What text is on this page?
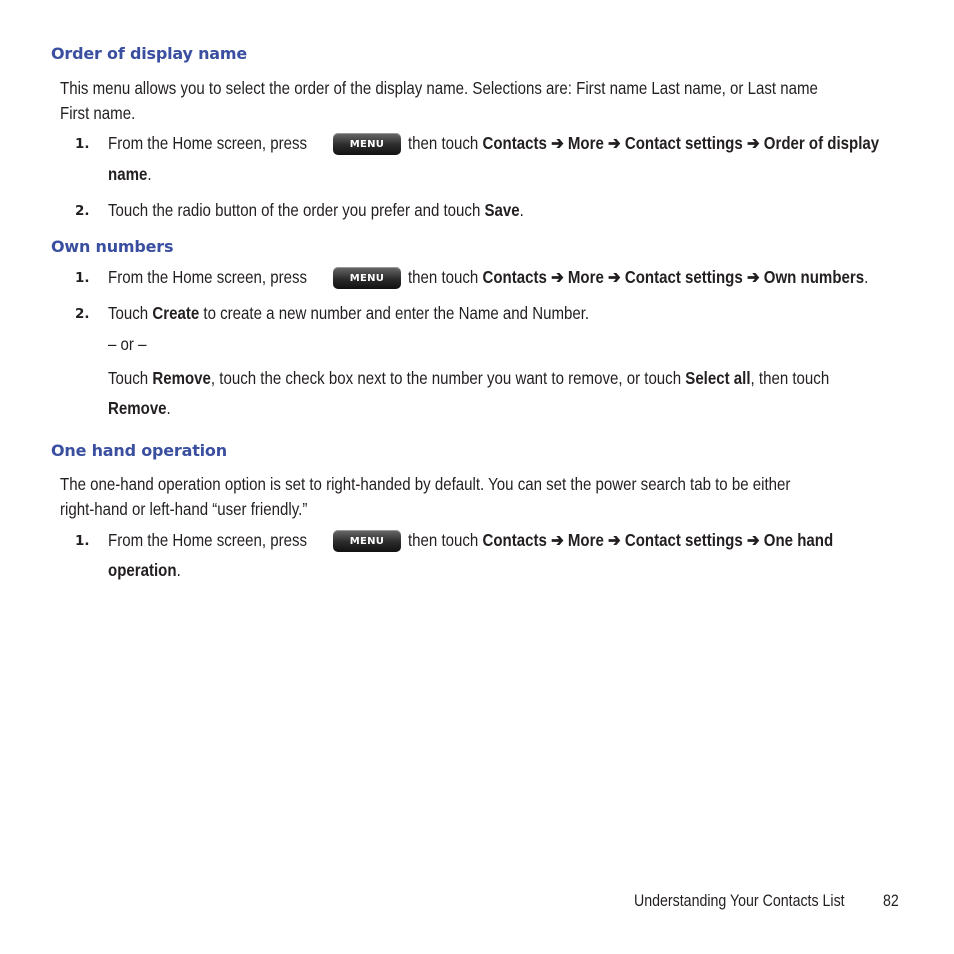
Order of display name
This menu allows you to select the order of the display name. Selections are: First name Last name, or Last name
First name.
1. From the Home screen, press	MENU	then touch Contacts ➔ More ➔ Contact settings ➔ Order of display
name.
2. Touch the radio button of the order you prefer and touch Save.
Own numbers
1. From the Home screen, press	MENU	then touch Contacts ➔ More ➔ Contact settings ➔ Own numbers.
2. Touch Create to create a new number and enter the Name and Number.
– or –
Touch Remove, touch the check box next to the number you want to remove, or touch Select all, then touch
Remove.
One hand operation
The one-hand operation option is set to right-handed by default. You can set the power search tab to be either
right-hand or left-hand “user friendly.”
1. From the Home screen, press	MENU	then touch Contacts ➔ More ➔ Contact settings ➔ One hand
operation.
Understanding Your Contacts List 82
